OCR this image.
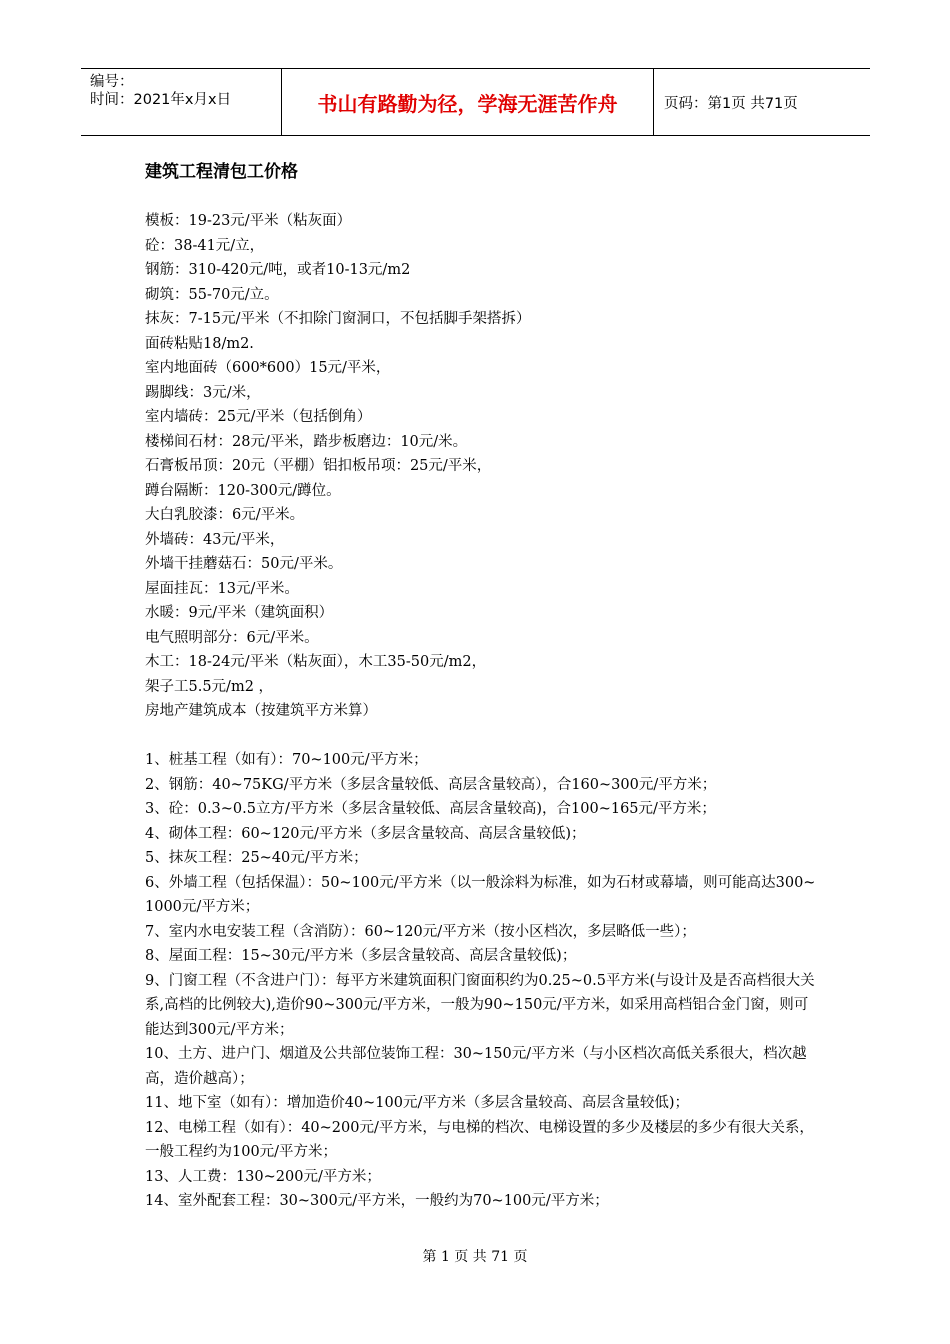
编号：
时间：2021年x月x日	书山有路勤为径，学海无涯苦作舟	页码：第1页 共71页
建筑工程清包工价格

模板：19-23元/平米（粘灰面）

砼：38-41元/立，

钢筋：310-420元/吨，或者10-13元/m2

砌筑：55-70元/立。

抹灰：7-15元/平米（不扣除门窗洞口，不包括脚手架搭拆）

面砖粘贴18/m2.

室内地面砖（600*600）15元/平米，

踢脚线：3元/米，

室内墙砖：25元/平米（包括倒角）

楼梯间石材：28元/平米，踏步板磨边：10元/米。

石膏板吊顶：20元（平棚）铝扣板吊项：25元/平米，

蹲台隔断：120-300元/蹲位。

大白乳胶漆：6元/平米。

外墙砖：43元/平米，

外墙干挂蘑菇石：50元/平米。

屋面挂瓦：13元/平米。

水暖：9元/平米（建筑面积）

电气照明部分：6元/平米。

木工：18-24元/平米（粘灰面），木工35-50元/m2，

架子工5.5元/m2 ，

房地产建筑成本（按建筑平方米算）

1、桩基工程（如有）：70~100元/平方米；

2、钢筋：40~75KG/平方米（多层含量较低、高层含量较高），合160~300元/平方米；

3、砼：0.3~0.5立方/平方米（多层含量较低、高层含量较高)，合100~165元/平方米；

4、砌体工程：60~120元/平方米（多层含量较高、高层含量较低)；

5、抹灰工程：25~40元/平方米；

6、外墙工程（包括保温）：50~100元/平方米（以一般涂料为标准，如为石材或幕墙，则可能高达300~1000元/平方米；

7、室内水电安装工程（含消防）：60~120元/平方米（按小区档次，多层略低一些）；

8、屋面工程：15~30元/平方米（多层含量较高、高层含量较低)；

9、门窗工程（不含进户门）：每平方米建筑面积门窗面积约为0.25~0.5平方米(与设计及是否高档很大关系,高档的比例较大),造价90~300元/平方米，一般为90~150元/平方米，如采用高档铝合金门窗，则可能达到300元/平方米；

10、土方、进户门、烟道及公共部位装饰工程：30~150元/平方米（与小区档次高低关系很大，档次越高，造价越高）；

11、地下室（如有）：增加造价40~100元/平方米（多层含量较高、高层含量较低)；

12、电梯工程（如有）：40~200元/平方米，与电梯的档次、电梯设置的多少及楼层的多少有很大关系，一般工程约为100元/平方米；

13、人工费：130~200元/平方米；

14、室外配套工程：30~300元/平方米，一般约为70~100元/平方米；

第 1 页 共 71 页
